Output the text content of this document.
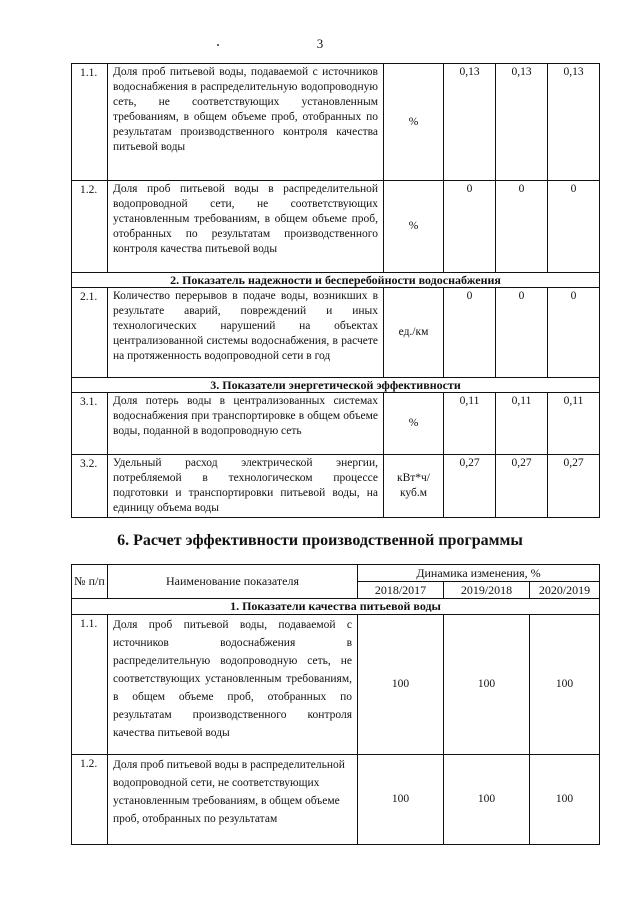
3
1.1.	Доля проб питьевой воды, подаваемой с источников водоснабжения в распределительную водопроводную сеть, не соответствующих установленным требованиям, в общем объеме проб, отобранных по результатам производственного контроля качества питьевой воды	%	0,13	0,13	0,13
1.2.	Доля проб питьевой воды в распределительной водопроводной сети, не соответствующих установленным требованиям, в общем объеме проб, отобранных по результатам производственного контроля качества питьевой воды	%	0	0	0
2. Показатель надежности и бесперебойности водоснабжения					
2.1.	Количество перерывов в подаче воды, возникших в результате аварий, повреждений и иных технологических нарушений на объектах централизованной системы водоснабжения, в расчете на протяженность водопроводной сети в год	ед./км	0	0	0
3. Показатели энергетической эффективности					
3.1.	Доля потерь воды в централизованных системах водоснабжения при транспортировке в общем объеме воды, поданной в водопроводную сеть	%	0,11	0,11	0,11
3.2.	Удельный расход электрической энергии, потребляемой в технологическом процессе подготовки и транспортировки питьевой воды, на единицу объема воды	кВт*ч/куб.м	0,27	0,27	0,27
6. Расчет эффективности производственной программы
№ п/п	Наименование показателя	Динамика изменения, %		
		2018/2017	2019/2018	2020/2019
1. Показатели качества питьевой воды				
1.1.	Доля проб питьевой воды, подаваемой с источников водоснабжения в распределительную водопроводную сеть, не соответствующих установленным требованиям, в общем объеме проб, отобранных по результатам производственного контроля качества питьевой воды	100	100	100
1.2.	Доля проб питьевой воды в распределительной водопроводной сети, не соответствующих установленным требованиям, в общем объеме проб, отобранных по результатам	100	100	100
